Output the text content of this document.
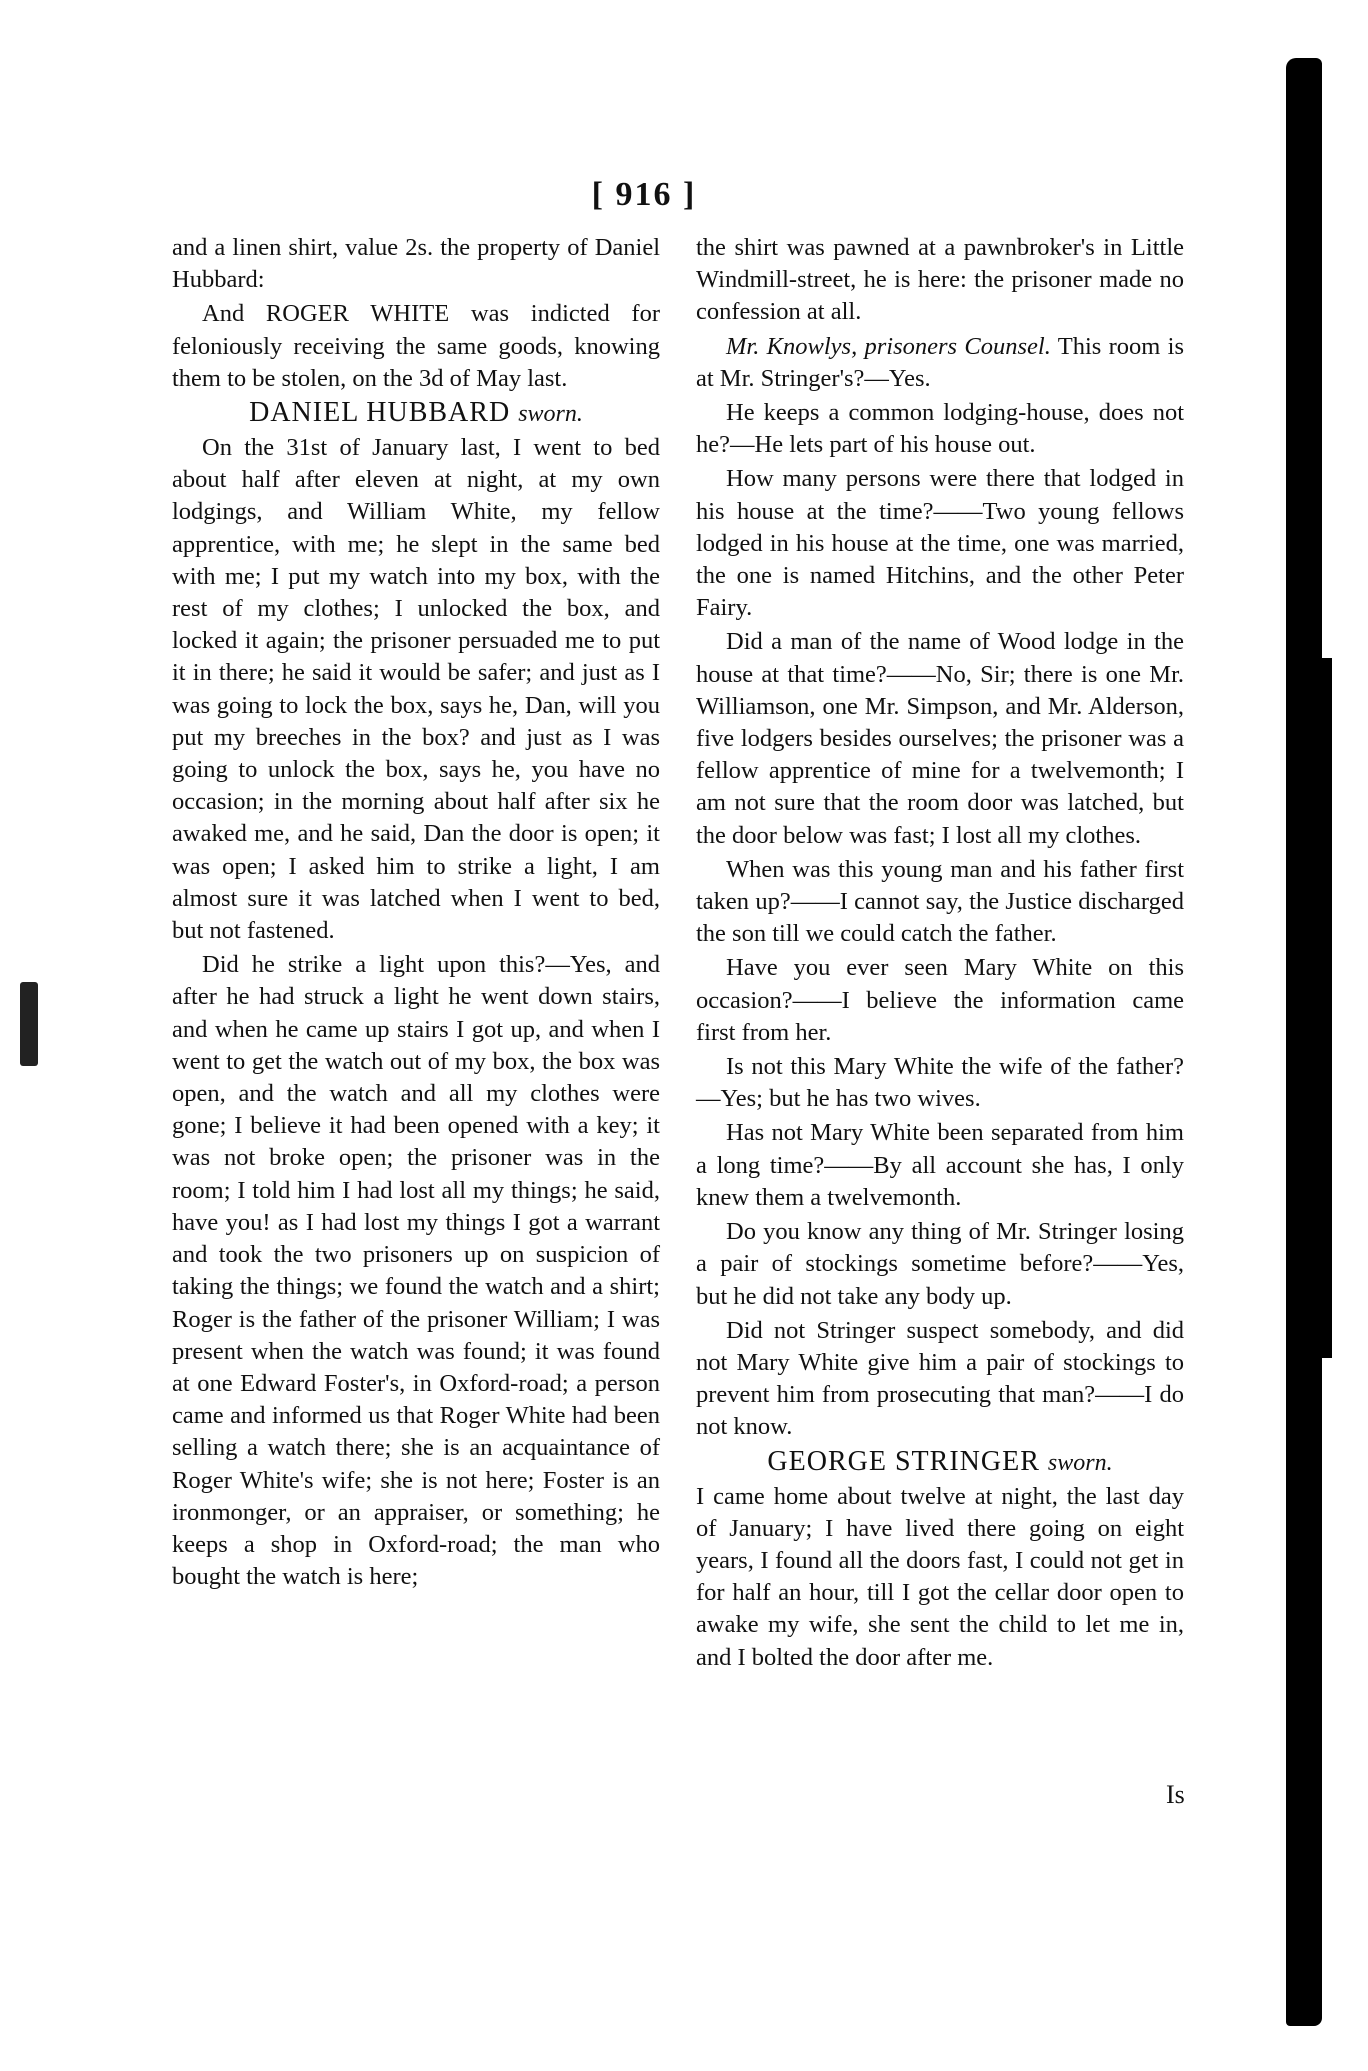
[ 916 ]

and a linen shirt, value 2s. the property of Daniel Hubbard:

And ROGER WHITE was indicted for feloniously receiving the same goods, knowing them to be stolen, on the 3d of May last.

DANIEL HUBBARD sworn.

On the 31st of January last, I went to bed about half after eleven at night, at my own lodgings, and William White, my fellow apprentice, with me; he slept in the same bed with me; I put my watch into my box, with the rest of my clothes; I unlocked the box, and locked it again; the prisoner persuaded me to put it in there; he said it would be safer; and just as I was going to lock the box, says he, Dan, will you put my breeches in the box? and just as I was going to unlock the box, says he, you have no occasion; in the morning about half after six he awaked me, and he said, Dan the door is open; it was open; I asked him to strike a light, I am almost sure it was latched when I went to bed, but not fastened.

Did he strike a light upon this?—Yes, and after he had struck a light he went down stairs, and when he came up stairs I got up, and when I went to get the watch out of my box, the box was open, and the watch and all my clothes were gone; I believe it had been opened with a key; it was not broke open; the prisoner was in the room; I told him I had lost all my things; he said, have you! as I had lost my things I got a warrant and took the two prisoners up on suspicion of taking the things; we found the watch and a shirt; Roger is the father of the prisoner William; I was present when the watch was found; it was found at one Edward Foster's, in Oxford-road; a person came and informed us that Roger White had been selling a watch there; she is an acquaintance of Roger White's wife; she is not here; Foster is an ironmonger, or an appraiser, or something; he keeps a shop in Oxford-road; the man who bought the watch is here;

the shirt was pawned at a pawnbroker's in Little Windmill-street, he is here: the prisoner made no confession at all.

Mr. Knowlys, prisoners Counsel. This room is at Mr. Stringer's?—Yes.

He keeps a common lodging-house, does not he?—He lets part of his house out.

How many persons were there that lodged in his house at the time?——Two young fellows lodged in his house at the time, one was married, the one is named Hitchins, and the other Peter Fairy.

Did a man of the name of Wood lodge in the house at that time?——No, Sir; there is one Mr. Williamson, one Mr. Simpson, and Mr. Alderson, five lodgers besides ourselves; the prisoner was a fellow apprentice of mine for a twelvemonth; I am not sure that the room door was latched, but the door below was fast; I lost all my clothes.

When was this young man and his father first taken up?——I cannot say, the Justice discharged the son till we could catch the father.

Have you ever seen Mary White on this occasion?——I believe the information came first from her.

Is not this Mary White the wife of the father?—Yes; but he has two wives.

Has not Mary White been separated from him a long time?——By all account she has, I only knew them a twelvemonth.

Do you know any thing of Mr. Stringer losing a pair of stockings sometime before?——Yes, but he did not take any body up.

Did not Stringer suspect somebody, and did not Mary White give him a pair of stockings to prevent him from prosecuting that man?——I do not know.

GEORGE STRINGER sworn.

I came home about twelve at night, the last day of January; I have lived there going on eight years, I found all the doors fast, I could not get in for half an hour, till I got the cellar door open to awake my wife, she sent the child to let me in, and I bolted the door after me.

Is
